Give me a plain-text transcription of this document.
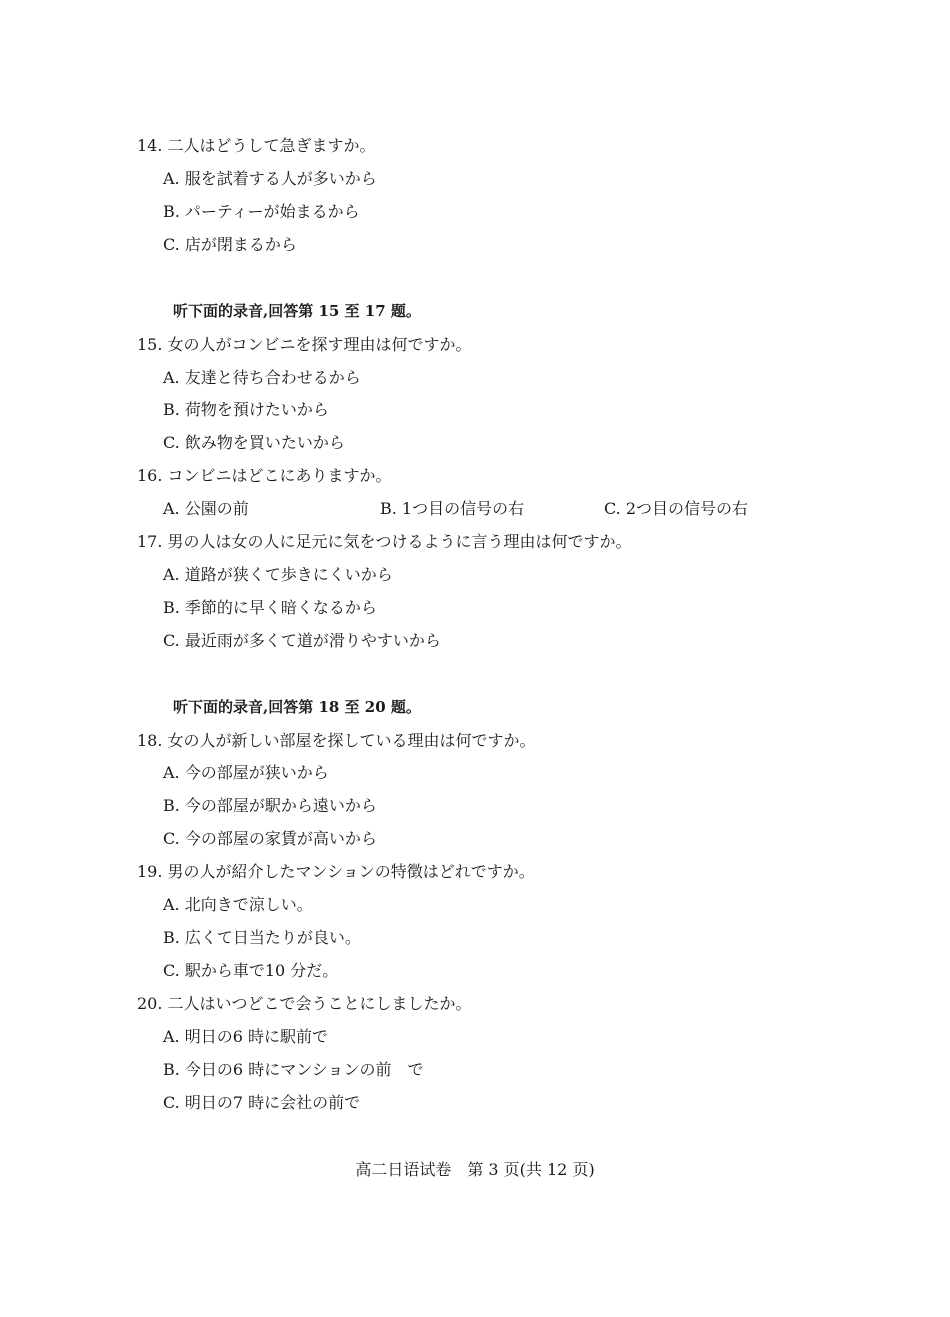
14. 二人はどうして急ぎますか。
A. 服を試着する人が多いから
B. パーティーが始まるから
C. 店が閉まるから
听下面的录音,回答第 15 至 17 题。
15. 女の人がコンビニを探す理由は何ですか。
A. 友達と待ち合わせるから
B. 荷物を預けたいから
C. 飲み物を買いたいから
16. コンビニはどこにありますか。
A. 公園の前	B. 1つ目の信号の右	C. 2つ目の信号の右
17. 男の人は女の人に足元に気をつけるように言う理由は何ですか。
A. 道路が狭くて歩きにくいから
B. 季節的に早く暗くなるから
C. 最近雨が多くて道が滑りやすいから
听下面的录音,回答第 18 至 20 题。
18. 女の人が新しい部屋を探している理由は何ですか。
A. 今の部屋が狭いから
B. 今の部屋が駅から遠いから
C. 今の部屋の家賃が高いから
19. 男の人が紹介したマンションの特徴はどれですか。
A. 北向きで涼しい。
B. 広くて日当たりが良い。
C. 駅から車で10 分だ。
20. 二人はいつどこで会うことにしましたか。
A. 明日の6 時に駅前で
B. 今日の6 時にマンションの前　で
C. 明日の7 時に会社の前で
高二日语试卷　第 3 页(共 12 页)
